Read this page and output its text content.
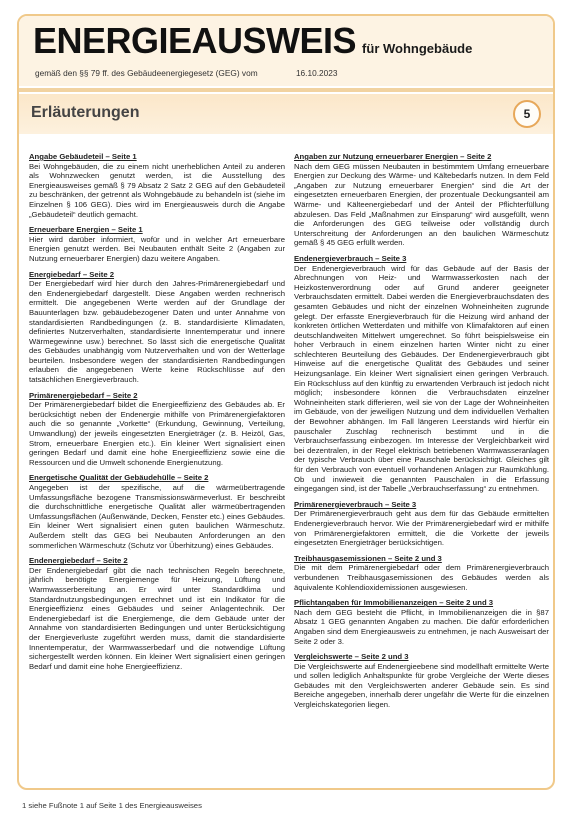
ENERGIEAUSWEIS für Wohngebäude
gemäß den §§ 79 ff. des Gebäudeenergiegesetz (GEG) vom	16.10.2023
Erläuterungen	5

Angabe Gebäudeteil – Seite 1

Bei Wohngebäuden, die zu einem nicht unerheblichen Anteil zu anderen als Wohnzwecken genutzt werden, ist die Ausstellung des Energieausweises gemäß § 79 Absatz 2 Satz 2 GEG auf den Gebäudeteil zu beschränken, der getrennt als Wohngebäude zu behandeln ist (siehe im Einzelnen § 106 GEG). Dies wird im Energieausweis durch die Angabe „Gebäudeteil“ deutlich gemacht.

Erneuerbare Energien – Seite 1

Hier wird darüber informiert, wofür und in welcher Art erneuerbare Energien genutzt werden. Bei Neubauten enthält Seite 2 (Angaben zur Nutzung erneuerbarer Energien) dazu weitere Angaben.

Energiebedarf – Seite 2

Der Energiebedarf wird hier durch den Jahres-Primärenergiebedarf und den Endenergiebedarf dargestellt. Diese Angaben werden rechnerisch ermittelt. Die angegebenen Werte werden auf der Grundlage der Bauunterlagen bzw. gebäudebezogener Daten und unter Annahme von standardisierten Randbedingungen (z. B. standardisierte Klimadaten, definiertes Nutzerverhalten, standardisierte Innentemperatur und innere Wärmegewinne usw.) berechnet. So lässt sich die energetische Qualität des Gebäudes unabhängig vom Nutzerverhalten und von der Wetterlage beurteilen. Insbesondere wegen der standardisierten Randbedingungen erlauben die angegebenen Werte keine Rückschlüsse auf den tatsächlichen Energieverbrauch.

Primärenergiebedarf – Seite 2

Der Primärenergiebedarf bildet die Energieeffizienz des Gebäudes ab. Er berücksichtigt neben der Endenergie mithilfe von Primärenergiefaktoren auch die so genannte „Vorkette“ (Erkundung, Gewinnung, Verteilung, Umwandlung) der jeweils eingesetzten Energieträger (z. B. Heizöl, Gas, Strom, erneuerbare Energien etc.). Ein kleiner Wert signalisiert einen geringen Bedarf und damit eine hohe Energieeffizienz sowie eine die Ressourcen und die Umwelt schonende Energienutzung.

Energetische Qualität der Gebäudehülle – Seite 2

Angegeben ist der spezifische, auf die wärmeübertragende Umfassungsfläche bezogene Transmissionswärmeverlust. Er beschreibt die durchschnittliche energetische Qualität aller wärmeübertragenden Umfassungsflächen (Außenwände, Decken, Fenster etc.) eines Gebäudes. Ein kleiner Wert signalisiert einen guten baulichen Wärmeschutz. Außerdem stellt das GEG bei Neubauten Anforderungen an den sommerlichen Wärmeschutz (Schutz vor Überhitzung) eines Gebäudes.

Endenergiebedarf – Seite 2

Der Endenergiebedarf gibt die nach technischen Regeln berechnete, jährlich benötigte Energiemenge für Heizung, Lüftung und Warmwasserbereitung an. Er wird unter Standardklima und Standardnutzungsbedingungen errechnet und ist ein Indikator für die Energieeffizienz eines Gebäudes und seiner Anlagentechnik. Der Endenergiebedarf ist die Energiemenge, die dem Gebäude unter der Annahme von standardisierten Bedingungen und unter Berücksichtigung der Energieverluste zugeführt werden muss, damit die standardisierte Innentemperatur, der Warmwasserbedarf und die notwendige Lüftung sichergestellt werden können. Ein kleiner Wert signalisiert einen geringen Bedarf und damit eine hohe Energieeffizienz.

Angaben zur Nutzung erneuerbarer Energien – Seite 2

Nach dem GEG müssen Neubauten in bestimmtem Umfang erneuerbare Energien zur Deckung des Wärme- und Kältebedarfs nutzen. In dem Feld „Angaben zur Nutzung erneuerbarer Energien“ sind die Art der eingesetzten erneuerbaren Energien, der prozentuale Deckungsanteil am Wärme- und Kälteenergiebedarf und der Anteil der Pflichterfüllung abzulesen. Das Feld „Maßnahmen zur Einsparung“ wird ausgefüllt, wenn die Anforderungen des GEG teilweise oder vollständig durch Unterschreitung der Anforderungen an den baulichen Wärmeschutz gemäß § 45 GEG erfüllt werden.

Endenergieverbrauch – Seite 3

Der Endenergieverbrauch wird für das Gebäude auf der Basis der Abrechnungen von Heiz- und Warmwasserkosten nach der Heizkostenverordnung oder auf Grund anderer geeigneter Verbrauchsdaten ermittelt. Dabei werden die Energieverbrauchsdaten des gesamten Gebäudes und nicht der einzelnen Wohneinheiten zugrunde gelegt. Der erfasste Energieverbrauch für die Heizung wird anhand der konkreten örtlichen Wetterdaten und mithilfe von Klimafaktoren auf einen deutschlandweiten Mittelwert umgerechnet. So führt beispielsweise ein hoher Verbrauch in einem einzelnen harten Winter nicht zu einer schlechteren Beurteilung des Gebäudes. Der Endenergieverbrauch gibt Hinweise auf die energetische Qualität des Gebäudes und seiner Heizungsanlage. Ein kleiner Wert signalisiert einen geringen Verbrauch. Ein Rückschluss auf den künftig zu erwartenden Verbrauch ist jedoch nicht möglich; insbesondere können die Verbrauchsdaten einzelner Wohneinheiten stark differieren, weil sie von der Lage der Wohneinheiten im Gebäude, von der jeweiligen Nutzung und dem individuellen Verhalten der Bewohner abhängen. Im Fall längeren Leerstands wird hierfür ein pauschaler Zuschlag rechnerisch bestimmt und in die Verbrauchserfassung einbezogen. Im Interesse der Vergleichbarkeit wird bei dezentralen, in der Regel elektrisch betriebenen Warmwasseranlagen der typische Verbrauch über eine Pauschale berücksichtigt. Gleiches gilt für den Verbrauch von eventuell vorhandenen Anlagen zur Raumkühlung. Ob und inwieweit die genannten Pauschalen in die Erfassung eingegangen sind, ist der Tabelle „Verbrauchserfassung“ zu entnehmen.

Primärenergieverbrauch – Seite 3

Der Primärenergieverbrauch geht aus dem für das Gebäude ermittelten Endenergieverbrauch hervor. Wie der Primärenergiebedarf wird er mithilfe von Primärenergiefaktoren ermittelt, die die Vorkette der jeweils eingesetzten Energieträger berücksichtigen.

Treibhausgasemissionen – Seite 2 und 3

Die mit dem Primärenergiebedarf oder dem Primärenergieverbrauch verbundenen Treibhausgasemissionen des Gebäudes werden als äquivalente Kohlendioxidemissionen ausgewiesen.

Pflichtangaben für Immobilienanzeigen – Seite 2 und 3

Nach dem GEG besteht die Pflicht, in Immobilienanzeigen die in §87 Absatz 1 GEG genannten Angaben zu machen. Die dafür erforderlichen Angaben sind dem Energieausweis zu entnehmen, je nach Ausweisart der Seite 2 oder 3.

Vergleichswerte – Seite 2 und 3

Die Vergleichswerte auf Endenergieebene sind modellhaft ermittelte Werte und sollen lediglich Anhaltspunkte für grobe Vergleiche der Werte dieses Gebäudes mit den Vergleichswerten anderer Gebäude sein. Es sind Bereiche angegeben, innerhalb derer ungefähr die Werte für die einzelnen Vergleichskategorien liegen.

1 siehe Fußnote 1 auf Seite 1 des Energieausweises
